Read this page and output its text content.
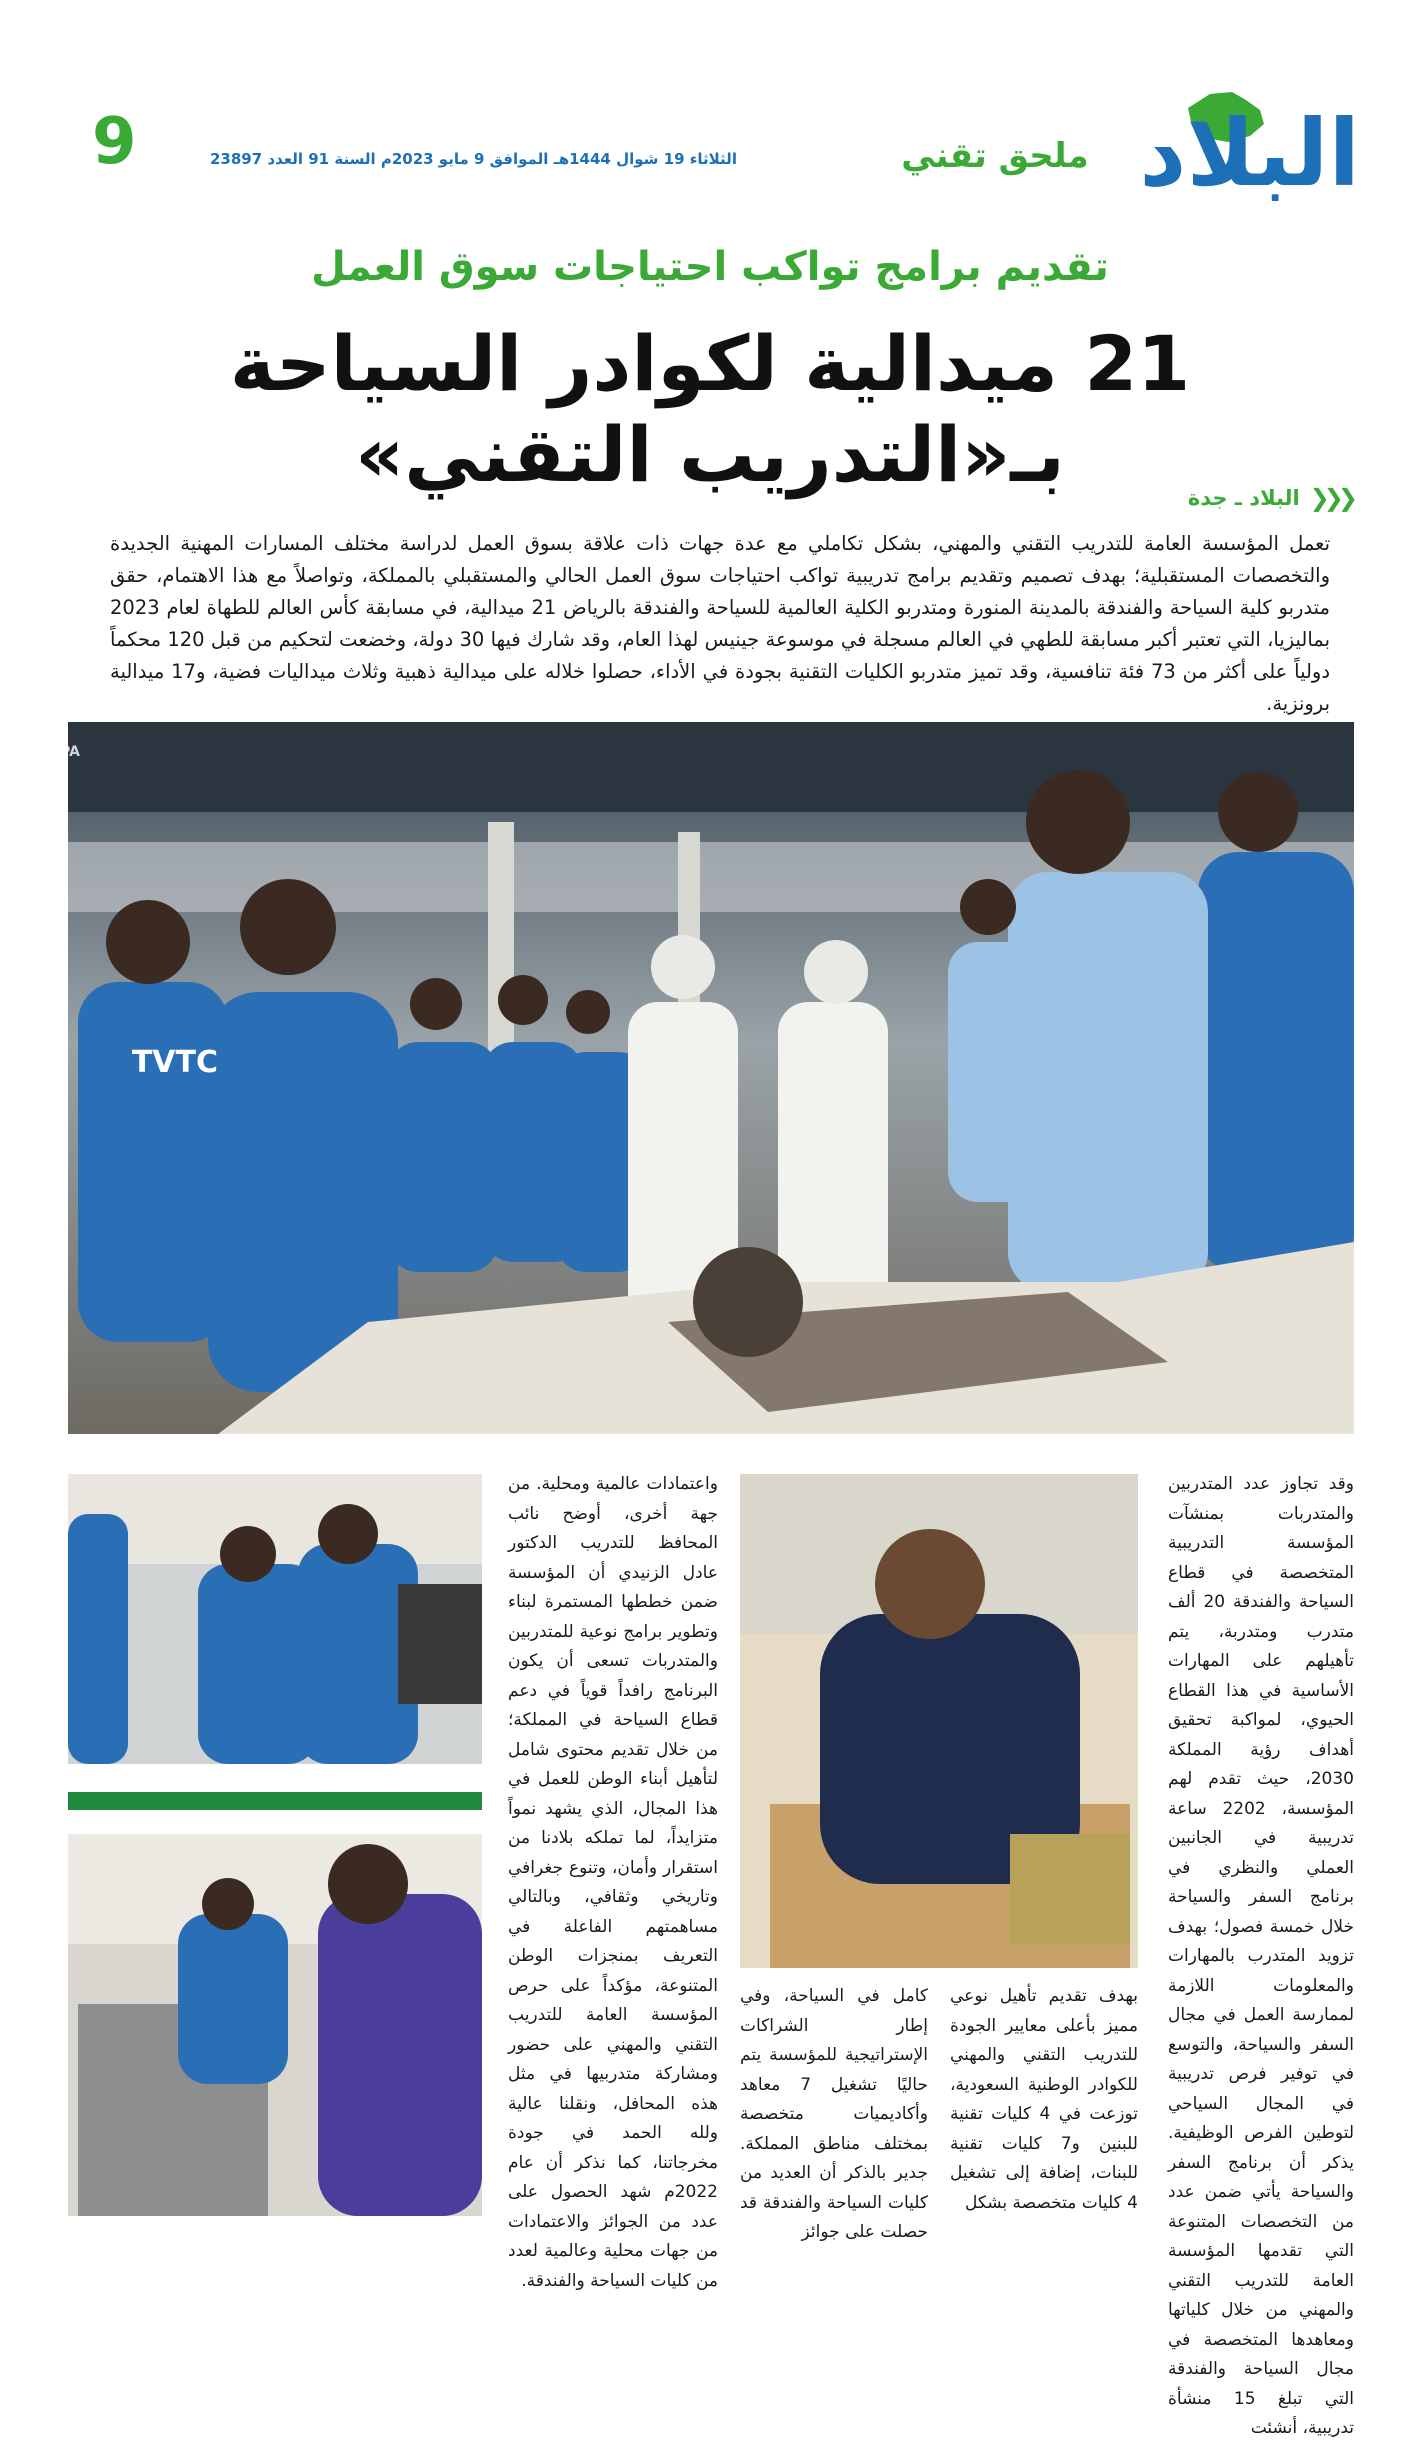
البلاد
ملحق تقني
الثلاثاء 19 شوال 1444هـ الموافق 9 مايو 2023م السنة 91 العدد 23897
9
تقديم برامج تواكب احتياجات سوق العمل
21 ميدالية لكوادر السياحة بـ«التدريب التقني»	❮❮❮
البلاد ـ جدة
تعمل المؤسسة العامة للتدريب التقني والمهني، بشكل تكاملي مع عدة جهات ذات علاقة بسوق العمل لدراسة مختلف المسارات المهنية الجديدة والتخصصات المستقبلية؛ بهدف تصميم وتقديم برامج تدريبية تواكب احتياجات سوق العمل الحالي والمستقبلي بالمملكة، وتواصلاً مع هذا الاهتمام، حقق متدربو كلية السياحة والفندقة بالمدينة المنورة ومتدربو الكلية العالمية للسياحة والفندقة بالرياض 21 ميدالية، في مسابقة كأس العالم للطهاة لعام 2023 بماليزيا، التي تعتبر أكبر مسابقة للطهي في العالم مسجلة في موسوعة جينيس لهذا العام، وقد شارك فيها 30 دولة، وخضعت لتحكيم من قبل 120 محكماً دولياً على أكثر من 73 فئة تنافسية، وقد تميز متدربو الكليات التقنية بجودة في الأداء، حصلوا خلاله على ميدالية ذهبية وثلاث ميداليات فضية، و17 ميدالية برونزية.
SPA
TVTC
وقد تجاوز عدد المتدربين والمتدربات بمنشآت المؤسسة التدريبية المتخصصة في قطاع السياحة والفندقة 20 ألف متدرب ومتدربة، يتم تأهيلهم على المهارات الأساسية في هذا القطاع الحيوي، لمواكبة تحقيق أهداف رؤية المملكة 2030، حيث تقدم لهم المؤسسة، 2202 ساعة تدريبية في الجانبين العملي والنظري في برنامج السفر والسياحة خلال خمسة فصول؛ بهدف تزويد المتدرب بالمهارات والمعلومات اللازمة لممارسة العمل في مجال السفر والسياحة، والتوسع في توفير فرص تدريبية في المجال السياحي لتوطين الفرص الوظيفية. يذكر أن برنامج السفر والسياحة يأتي ضمن عدد من التخصصات المتنوعة التي تقدمها المؤسسة العامة للتدريب التقني والمهني من خلال كلياتها ومعاهدها المتخصصة في مجال السياحة والفندقة التي تبلغ 15 منشأة تدريبية، أنشئت
بهدف تقديم تأهيل نوعي مميز بأعلى معايير الجودة للتدريب التقني والمهني للكوادر الوطنية السعودية، توزعت في 4 كليات تقنية للبنين و7 كليات تقنية للبنات، إضافة إلى تشغيل 4 كليات متخصصة بشكل
كامل في السياحة، وفي إطار الشراكات الإستراتيجية للمؤسسة يتم حاليًا تشغيل 7 معاهد وأكاديميات متخصصة بمختلف مناطق المملكة. جدير بالذكر أن العديد من كليات السياحة والفندقة قد حصلت على جوائز
واعتمادات عالمية ومحلية. من جهة أخرى، أوضح نائب المحافظ للتدريب الدكتور عادل الزنيدي أن المؤسسة ضمن خططها المستمرة لبناء وتطوير برامج نوعية للمتدربين والمتدربات تسعى أن يكون البرنامج رافداً قوياً في دعم قطاع السياحة في المملكة؛ من خلال تقديم محتوى شامل لتأهيل أبناء الوطن للعمل في هذا المجال، الذي يشهد نمواً متزايداً، لما تملكه بلادنا من استقرار وأمان، وتنوع جغرافي وتاريخي وثقافي، وبالتالي مساهمتهم الفاعلة في التعريف بمنجزات الوطن المتنوعة، مؤكداً على حرص المؤسسة العامة للتدريب التقني والمهني على حضور ومشاركة متدربيها في مثل هذه المحافل، ونقلنا عالية ولله الحمد في جودة مخرجاتنا، كما نذكر أن عام 2022م شهد الحصول على عدد من الجوائز والاعتمادات من جهات محلية وعالمية لعدد من كليات السياحة والفندقة.
